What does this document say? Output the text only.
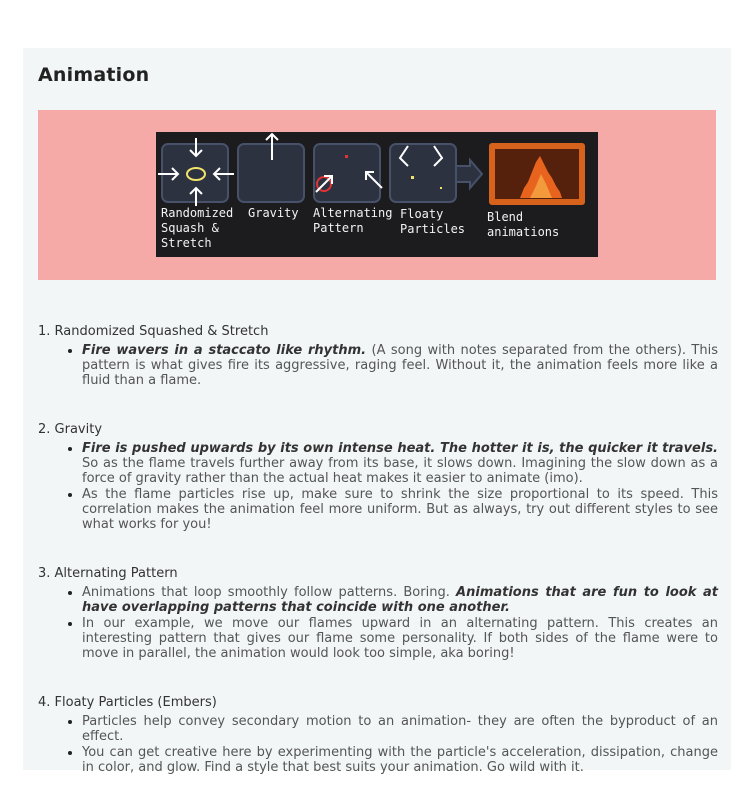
Animation
Randomized
Squash &
Stretch
Gravity Alternating
Pattern
Floaty
Particles
Blend animations
1. Randomized Squashed & Stretch
• Fire wavers in a staccato like rhythm. (A song with notes separated from the others). This pattern is what gives fire its aggressive, raging feel. Without it, the animation feels more like a fluid than a flame.
2. Gravity
• Fire is pushed upwards by its own intense heat. The hotter it is, the quicker it travels. So as the flame travels further away from its base, it slows down. Imagining the slow down as a force of gravity rather than the actual heat makes it easier to animate (imo).
• As the flame particles rise up, make sure to shrink the size proportional to its speed. This correlation makes the animation feel more uniform. But as always, try out different styles to see what works for you!
3. Alternating Pattern
• Animations that loop smoothly follow patterns. Boring. Animations that are fun to look at have overlapping patterns that coincide with one another.
• In our example, we move our flames upward in an alternating pattern. This creates an interesting pattern that gives our flame some personality. If both sides of the flame were to move in parallel, the animation would look too simple, aka boring!
4. Floaty Particles (Embers)
• Particles help convey secondary motion to an animation- they are often the byproduct of an effect.
• You can get creative here by experimenting with the particle's acceleration, dissipation, change in color, and glow. Find a style that best suits your animation. Go wild with it.
